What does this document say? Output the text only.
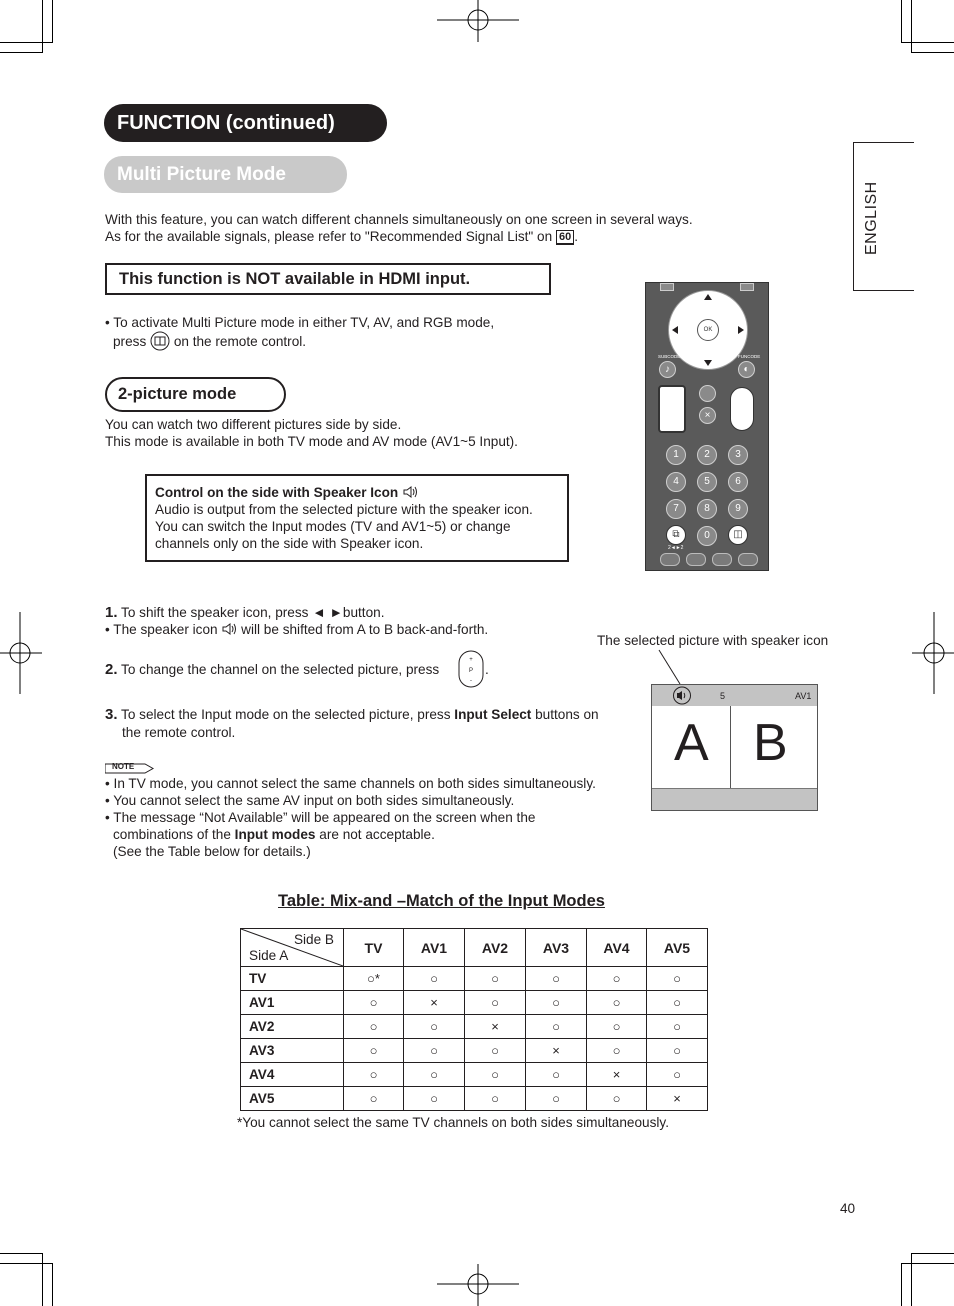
FUNCTION (continued)
Multi Picture Mode
ENGLISH
With this feature, you can watch different channels simultaneously on one screen in several ways.
As for the available signals, please refer to "Recommended Signal List" on 60 .
This function is NOT available in HDMI input.
• To activate Multi Picture mode in either TV, AV, and RGB mode,
press on the remote control.
2-picture mode
You can watch two different pictures side by side.
This mode is available in both TV mode and AV mode (AV1~5 Input).
Control on the side with Speaker Icon
Audio is output from the selected picture with the speaker icon.
You can switch the Input modes (TV and AV1~5) or change
channels only on the side with Speaker icon.
OK
SUBCODE	FUNCODE
♪	◐
×
1	2	3
4	5	6
7	8	9
⧉	0	◫
2◄►2
1. To shift the speaker icon, press ◄ ►button.
• The speaker icon will be shifted from A to B back-and-forth.
2. To change the channel on the selected picture, press
+
P
-
.
3. To select the Input mode on the selected picture, press Input Select buttons on
the remote control.
NOTE
• In TV mode, you cannot select the same channels on both sides simultaneously.
• You cannot select the same AV input on both sides simultaneously.
• The message “Not Available” will be appeared on the screen when the
combinations of the Input modes are not acceptable.
(See the Table below for details.)
The selected picture with speaker icon
5	AV1
A B
Table: Mix-and –Match of the Input Modes
Side B
Side A	TV	AV1	AV2	AV3	AV4	AV5
TV	○*	○	○	○	○	○
AV1	○	×	○	○	○	○
AV2	○	○	×	○	○	○
AV3	○	○	○	×	○	○
AV4	○	○	○	○	×	○
AV5	○	○	○	○	○	×
*You cannot select the same TV channels on both sides simultaneously.
40
